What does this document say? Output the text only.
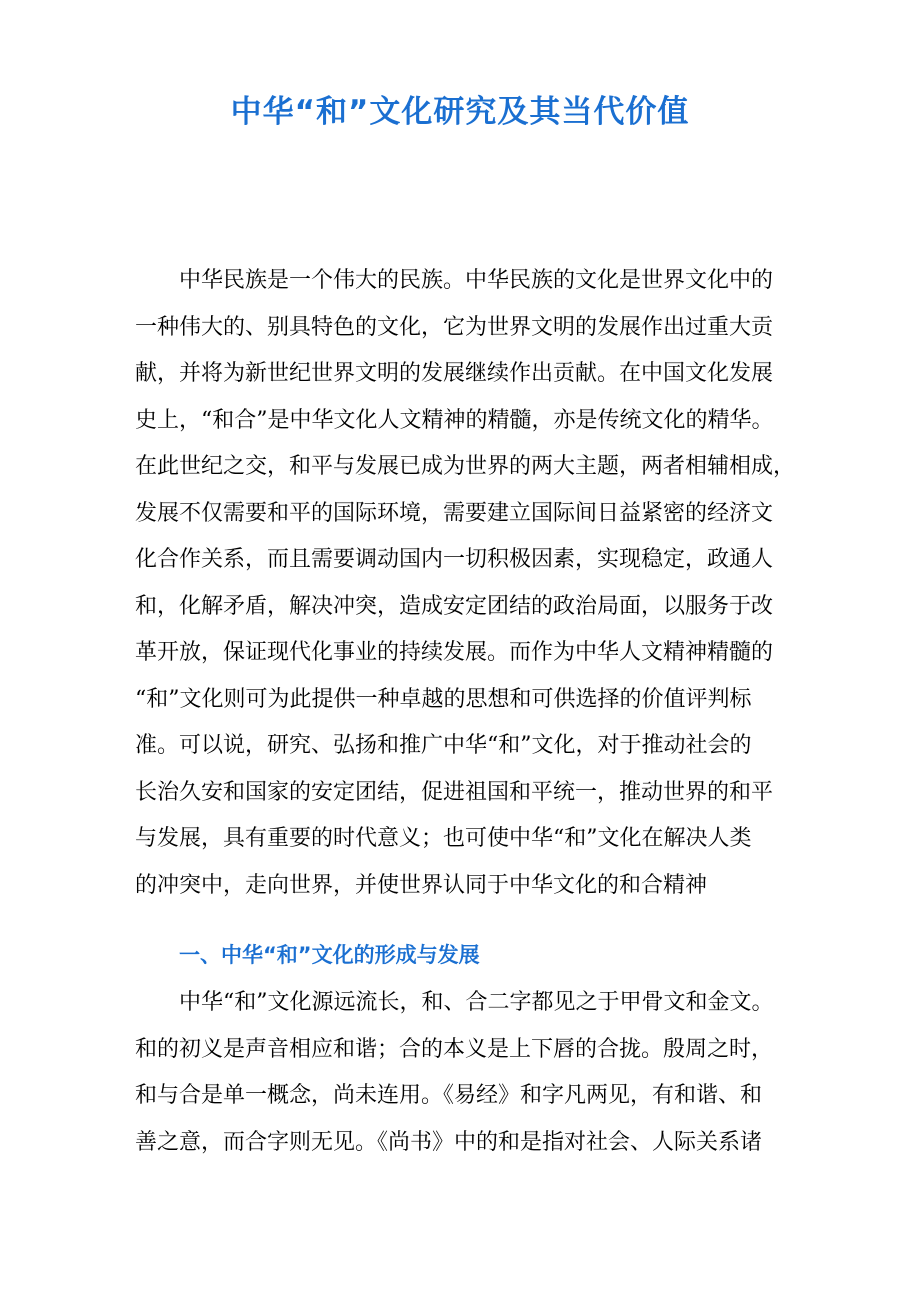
中华“和”文化研究及其当代价值
中华民族是一个伟大的民族。中华民族的文化是世界文化中的
一种伟大的、别具特色的文化，它为世界文明的发展作出过重大贡
献，并将为新世纪世界文明的发展继续作出贡献。在中国文化发展
史上，“和合”是中华文化人文精神的精髓，亦是传统文化的精华。
在此世纪之交，和平与发展已成为世界的两大主题，两者相辅相成，
发展不仅需要和平的国际环境，需要建立国际间日益紧密的经济文
化合作关系，而且需要调动国内一切积极因素，实现稳定，政通人
和，化解矛盾，解决冲突，造成安定团结的政治局面，以服务于改
革开放，保证现代化事业的持续发展。而作为中华人文精神精髓的
“和”文化则可为此提供一种卓越的思想和可供选择的价值评判标
准。可以说，研究、弘扬和推广中华“和”文化，对于推动社会的
长治久安和国家的安定团结，促进祖国和平统一，推动世界的和平
与发展，具有重要的时代意义；也可使中华“和”文化在解决人类
的冲突中，走向世界，并使世界认同于中华文化的和合精神
一、中华“和”文化的形成与发展
中华“和”文化源远流长，和、合二字都见之于甲骨文和金文。
和的初义是声音相应和谐；合的本义是上下唇的合拢。殷周之时，
和与合是单一概念，尚未连用。《易经》和字凡两见，有和谐、和
善之意，而合字则无见。《尚书》中的和是指对社会、人际关系诸
